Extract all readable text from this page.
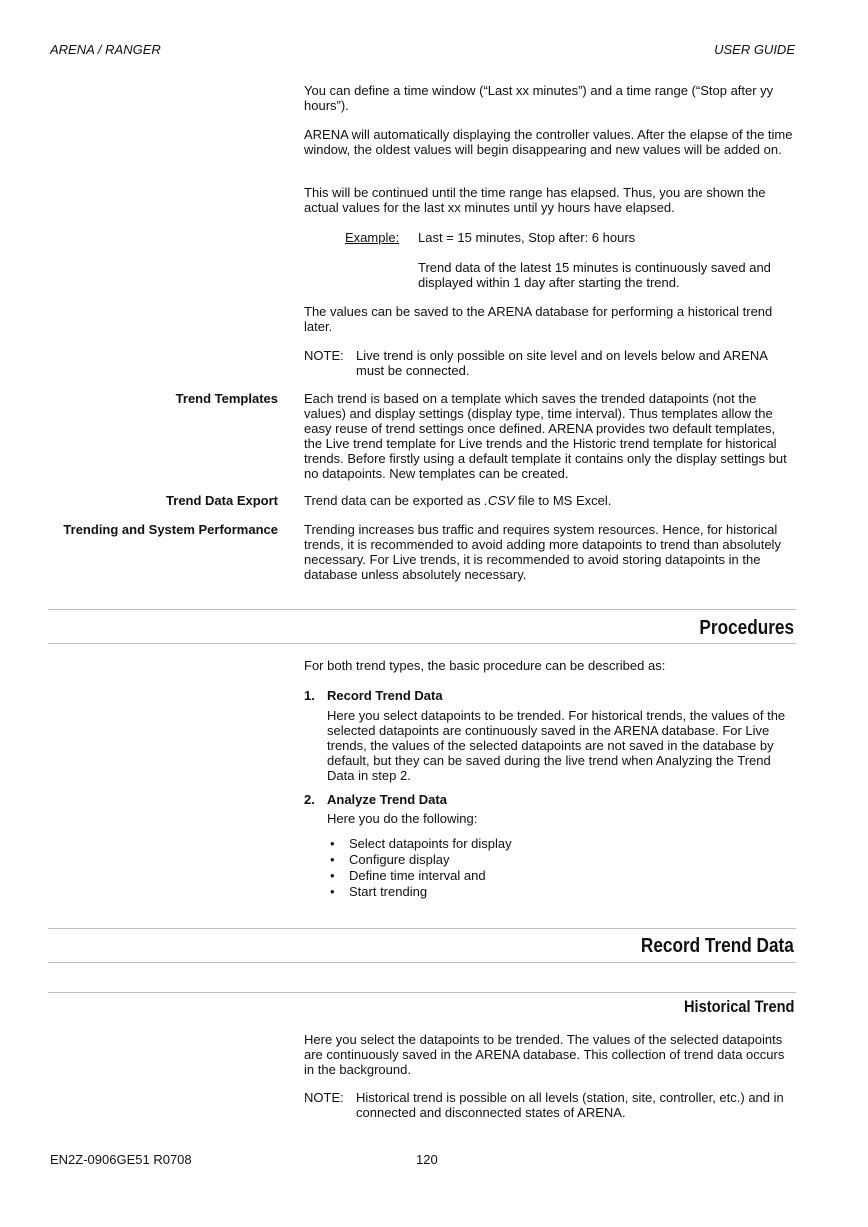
ARENA / RANGER	USER GUIDE

You can define a time window (“Last xx minutes”) and a time range (“Stop after yy hours”).

ARENA will automatically displaying the controller values. After the elapse of the time window, the oldest values will begin disappearing and new values will be added on.

This will be continued until the time range has elapsed. Thus, you are shown the actual values for the last xx minutes until yy hours have elapsed.

Example: Last = 15 minutes, Stop after: 6 hours
Trend data of the latest 15 minutes is continuously saved and displayed within 1 day after starting the trend.

The values can be saved to the ARENA database for performing a historical trend later.

NOTE: Live trend is only possible on site level and on levels below and ARENA must be connected.
Trend Templates Each trend is based on a template which saves the trended datapoints (not the values) and display settings (display type, time interval). Thus templates allow the easy reuse of trend settings once defined. ARENA provides two default templates, the Live trend template for Live trends and the Historic trend template for historical trends. Before firstly using a default template it contains only the display settings but no datapoints. New templates can be created.

Trend Data Export Trend data can be exported as .CSV file to MS Excel.
Trending and System Performance Trending increases bus traffic and requires system resources. Hence, for historical trends, it is recommended to avoid adding more datapoints to trend than absolutely necessary. For Live trends, it is recommended to avoid storing datapoints in the database unless absolutely necessary.

Procedures

For both trend types, the basic procedure can be described as:

1. Record Trend Data
Here you select datapoints to be trended. For historical trends, the values of the selected datapoints are continuously saved in the ARENA database. For Live trends, the values of the selected datapoints are not saved in the database by default, but they can be saved during the live trend when Analyzing the Trend Data in step 2.
2. Analyze Trend Data
Here you do the following:
• Select datapoints for display
• Configure display
• Define time interval and
• Start trending
Record Trend Data
Historical Trend

Here you select the datapoints to be trended. The values of the selected datapoints are continuously saved in the ARENA database. This collection of trend data occurs in the background.

NOTE: Historical trend is possible on all levels (station, site, controller, etc.) and in connected and disconnected states of ARENA.
EN2Z-0906GE51 R0708	120
